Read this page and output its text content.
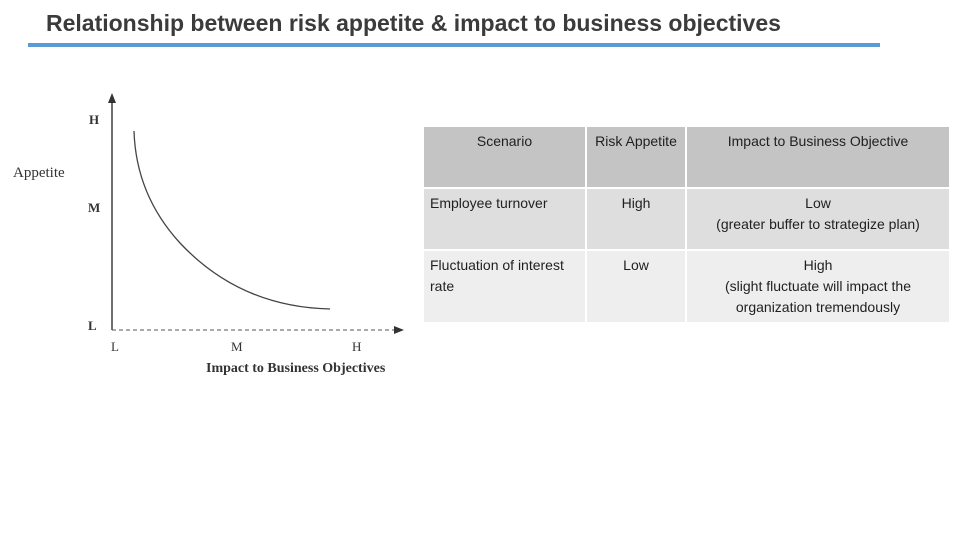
Relationship between risk appetite & impact to business objectives
Appetite
H
M
L
L	M	H
Impact to Business Objectives
Scenario	Risk Appetite	Impact to Business Objective
Employee turnover	High	Low
(greater buffer to strategize plan)

Fluctuation of interest rate	Low	High
(slight fluctuate will impact the organization tremendously
